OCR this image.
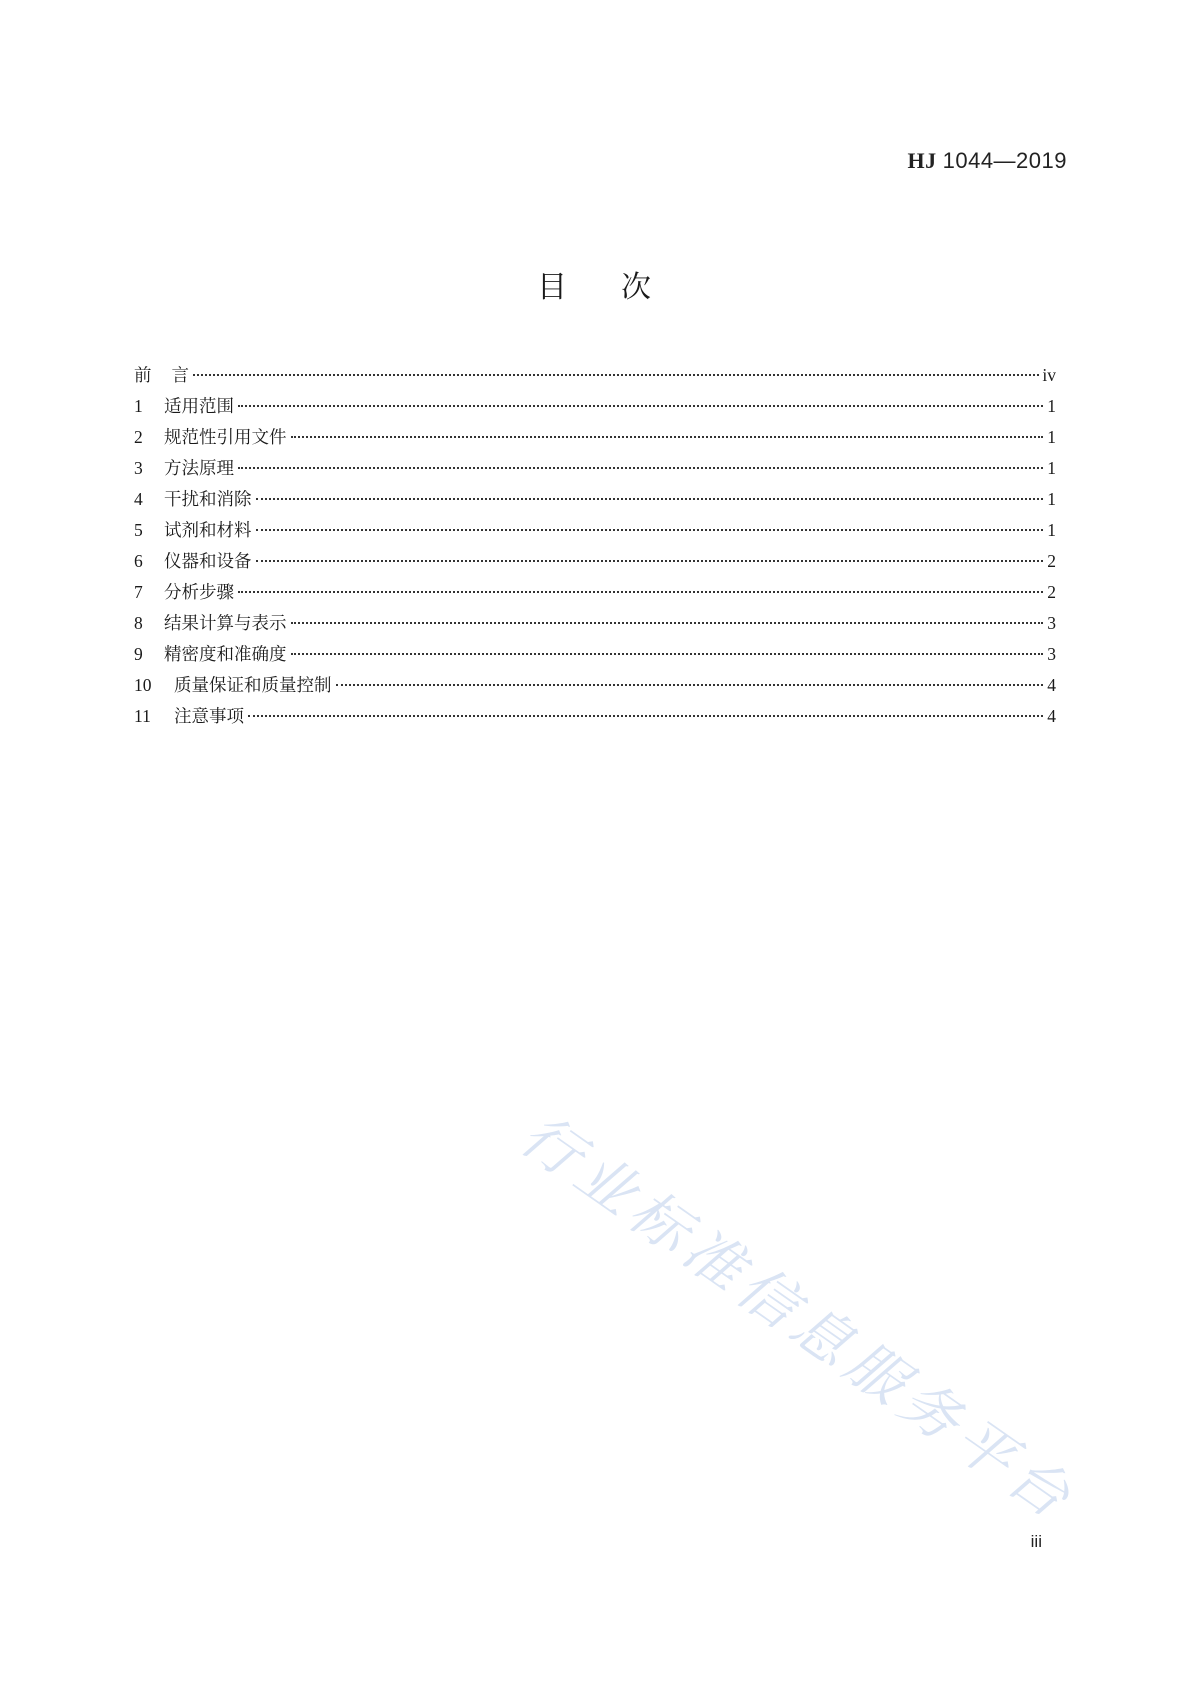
HJ 1044—2019
目 次
前言	iv
1	适用范围	1
2	规范性引用文件	1
3	方法原理	1
4	干扰和消除	1
5	试剂和材料	1
6	仪器和设备	2
7	分析步骤	2
8	结果计算与表示	3
9	精密度和准确度	3
10	质量保证和质量控制	4
11	注意事项	4
行业标准信息服务平台
iii
